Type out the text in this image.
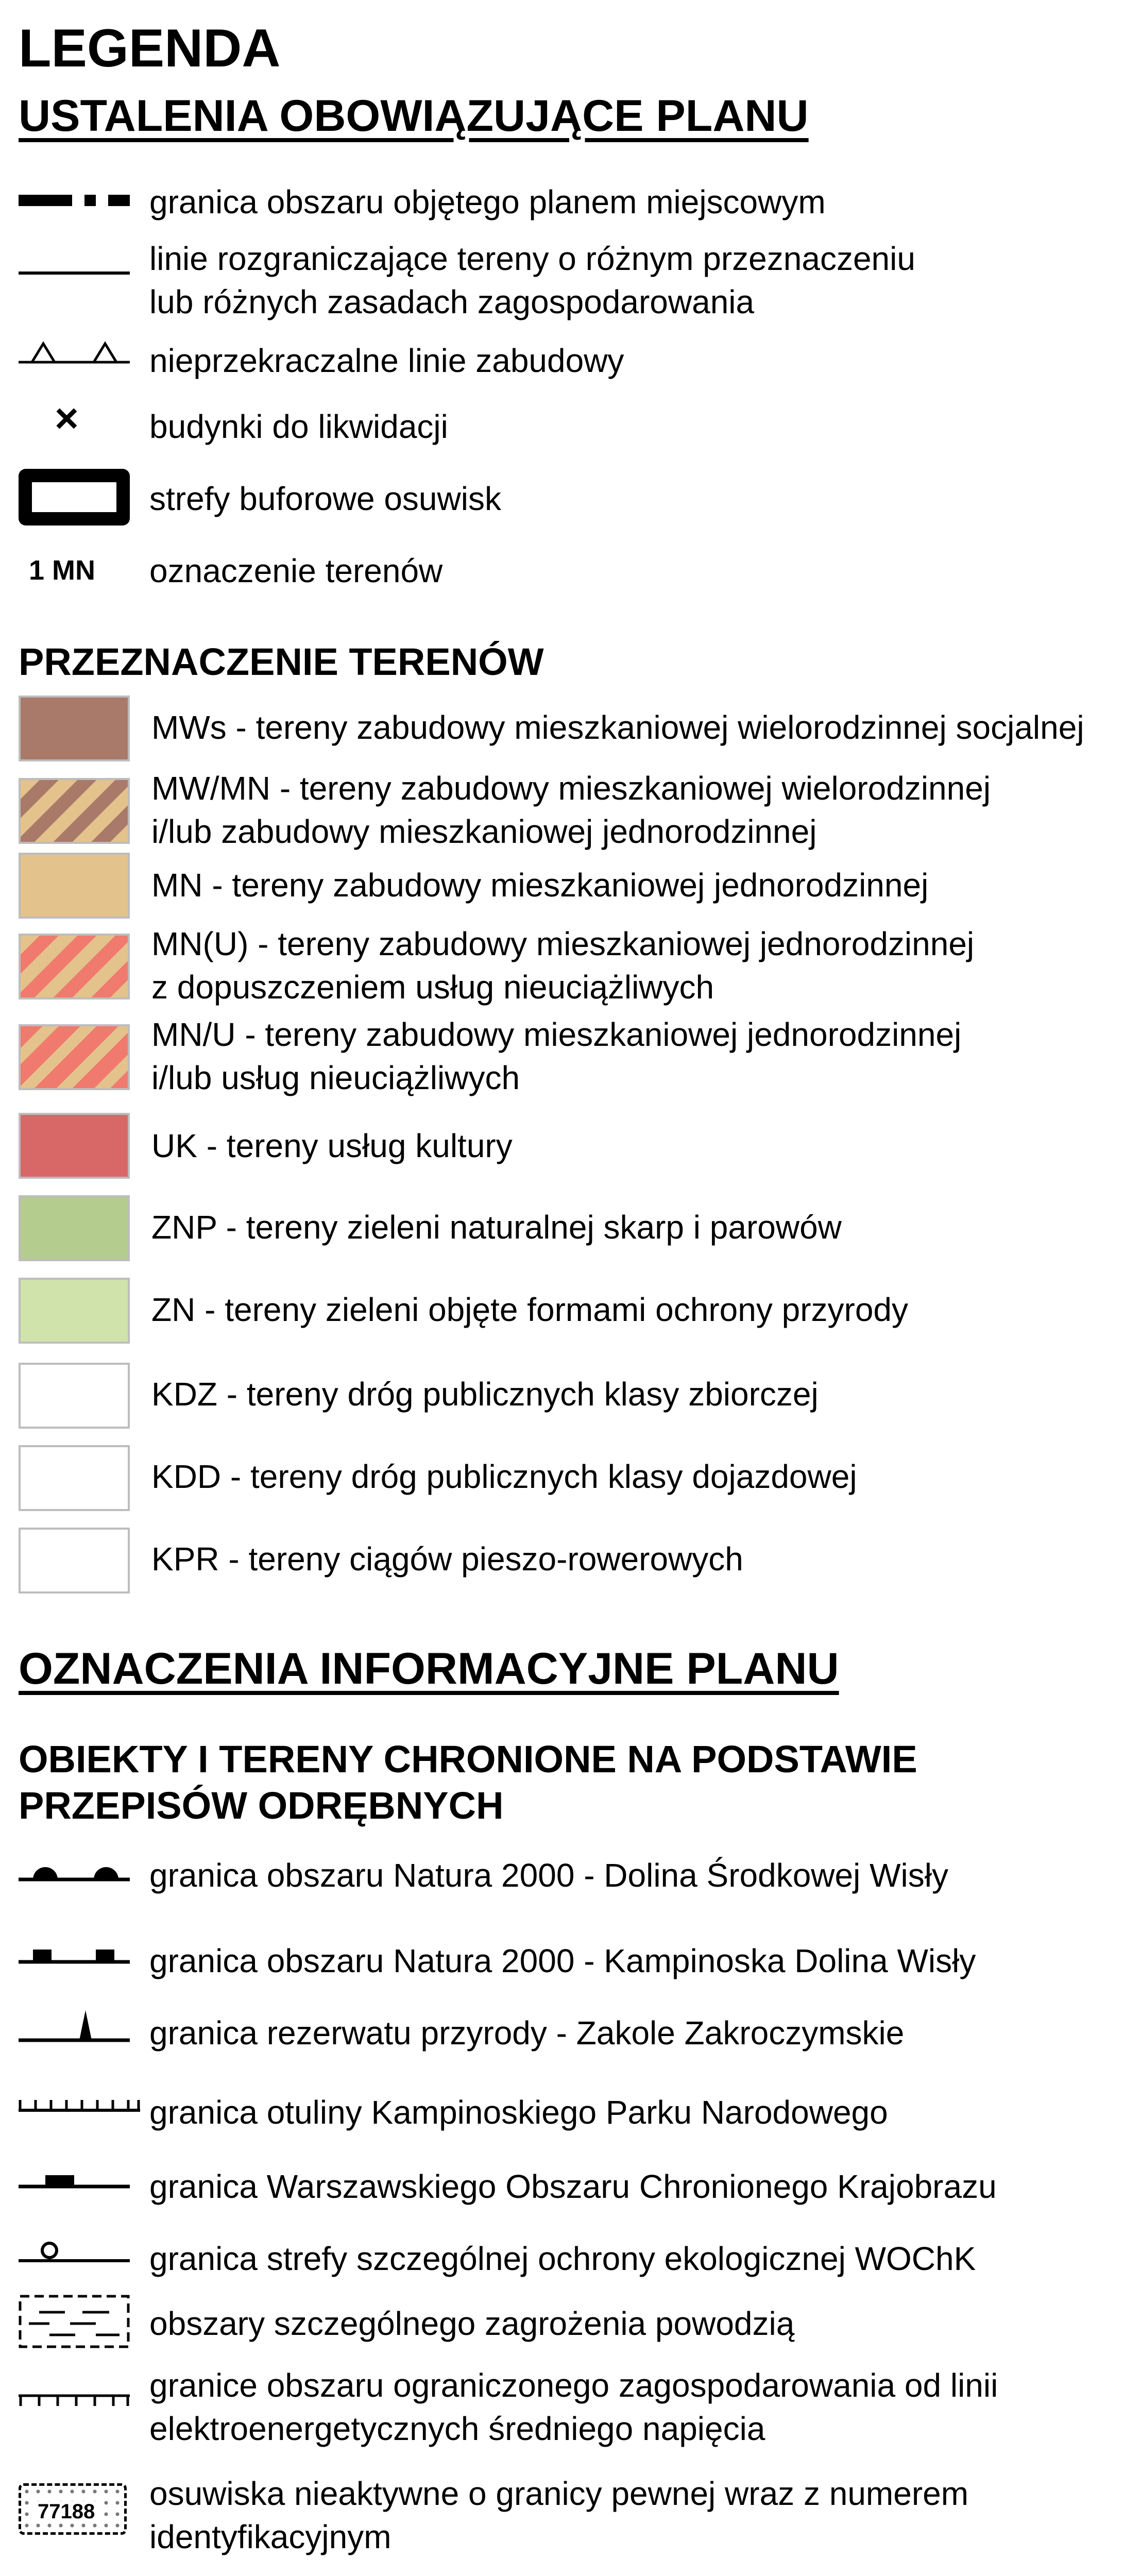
LEGENDA
USTALENIA OBOWIĄZUJĄCE PLANU
granica obszaru objętego planem miejscowym
linie rozgraniczające tereny o różnym przeznaczeniu
lub różnych zasadach zagospodarowania
nieprzekraczalne linie zabudowy
× budynki do likwidacji
strefy buforowe osuwisk
1 MN oznaczenie terenów
PRZEZNACZENIE TERENÓW
MWs - tereny zabudowy mieszkaniowej wielorodzinnej socjalnej
MW/MN - tereny zabudowy mieszkaniowej wielorodzinnej
i/lub zabudowy mieszkaniowej jednorodzinnej
MN - tereny zabudowy mieszkaniowej jednorodzinnej
MN(U) - tereny zabudowy mieszkaniowej jednorodzinnej
z dopuszczeniem usług nieuciążliwych
MN/U - tereny zabudowy mieszkaniowej jednorodzinnej
i/lub usług nieuciążliwych
UK - tereny usług kultury
ZNP - tereny zieleni naturalnej skarp i parowów
ZN - tereny zieleni objęte formami ochrony przyrody
KDZ - tereny dróg publicznych klasy zbiorczej
KDD - tereny dróg publicznych klasy dojazdowej
KPR - tereny ciągów pieszo-rowerowych
OZNACZENIA INFORMACYJNE PLANU
OBIEKTY I TERENY CHRONIONE NA PODSTAWIE
PRZEPISÓW ODRĘBNYCH
granica obszaru Natura 2000 - Dolina Środkowej Wisły
granica obszaru Natura 2000 - Kampinoska Dolina Wisły
granica rezerwatu przyrody - Zakole Zakroczymskie
granica otuliny Kampinoskiego Parku Narodowego
granica Warszawskiego Obszaru Chronionego Krajobrazu
granica strefy szczególnej ochrony ekologicznej WOChK
obszary szczególnego zagrożenia powodzią
granice obszaru ograniczonego zagospodarowania od linii
elektroenergetycznych średniego napięcia
77188 osuwiska nieaktywne o granicy pewnej wraz z numerem
identyfikacyjnym
